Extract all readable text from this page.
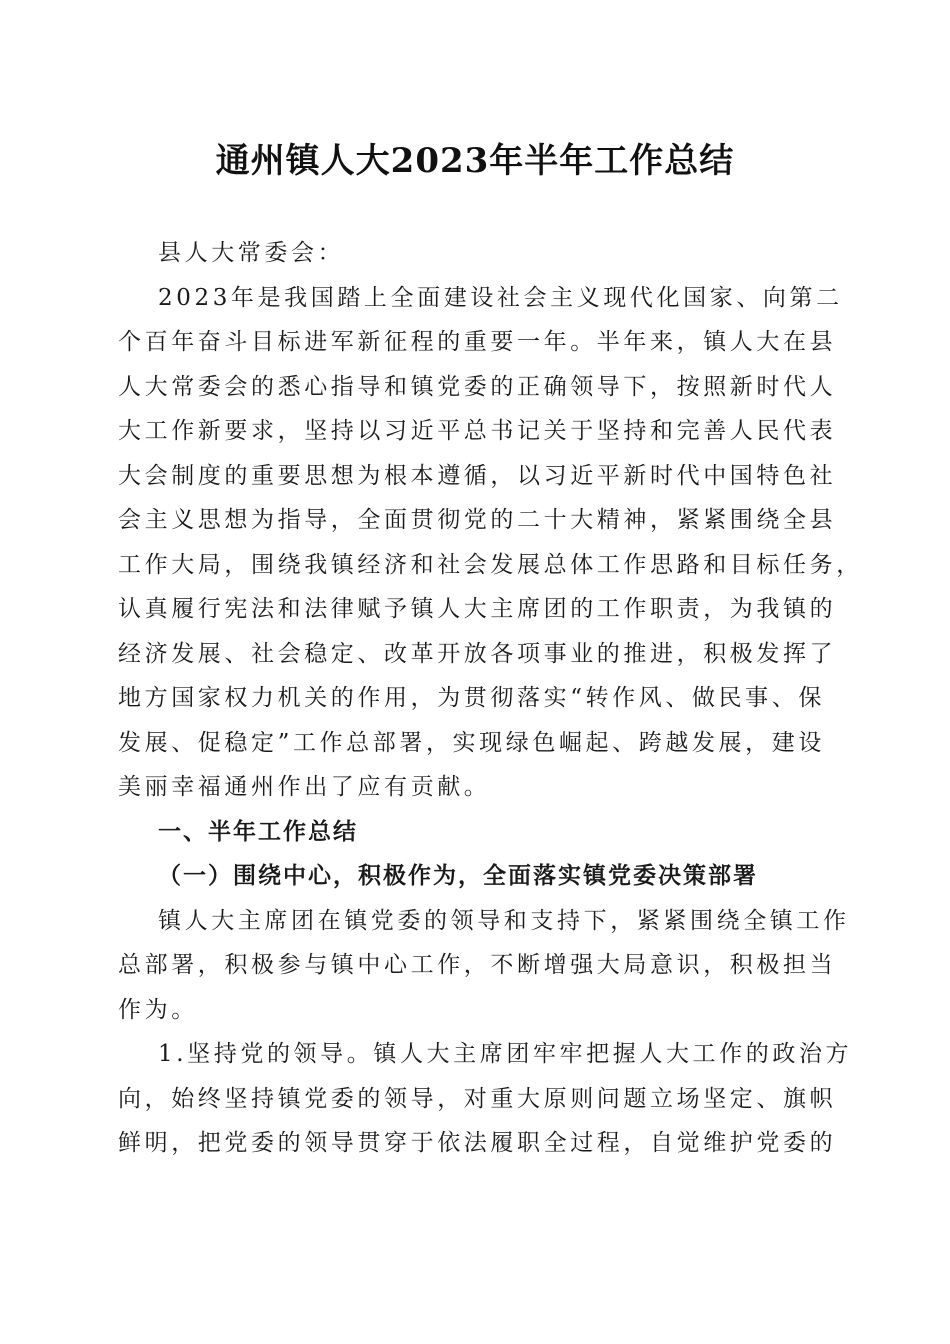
通州镇人大2023年半年工作总结

县人大常委会：

2023年是我国踏上全面建设社会主义现代化国家、向第二
个百年奋斗目标进军新征程的重要一年。半年来，镇人大在县
人大常委会的悉心指导和镇党委的正确领导下，按照新时代人
大工作新要求，坚持以习近平总书记关于坚持和完善人民代表
大会制度的重要思想为根本遵循，以习近平新时代中国特色社
会主义思想为指导，全面贯彻党的二十大精神，紧紧围绕全县
工作大局，围绕我镇经济和社会发展总体工作思路和目标任务，
认真履行宪法和法律赋予镇人大主席团的工作职责，为我镇的
经济发展、社会稳定、改革开放各项事业的推进，积极发挥了
地方国家权力机关的作用，为贯彻落实“转作风、做民事、保
发展、促稳定”工作总部署，实现绿色崛起、跨越发展，建设
美丽幸福通州作出了应有贡献。

一、半年工作总结

（一）围绕中心，积极作为，全面落实镇党委决策部署

镇人大主席团在镇党委的领导和支持下，紧紧围绕全镇工作
总部署，积极参与镇中心工作，不断增强大局意识，积极担当
作为。

1.坚持党的领导。镇人大主席团牢牢把握人大工作的政治方
向，始终坚持镇党委的领导，对重大原则问题立场坚定、旗帜
鲜明，把党委的领导贯穿于依法履职全过程，自觉维护党委的
